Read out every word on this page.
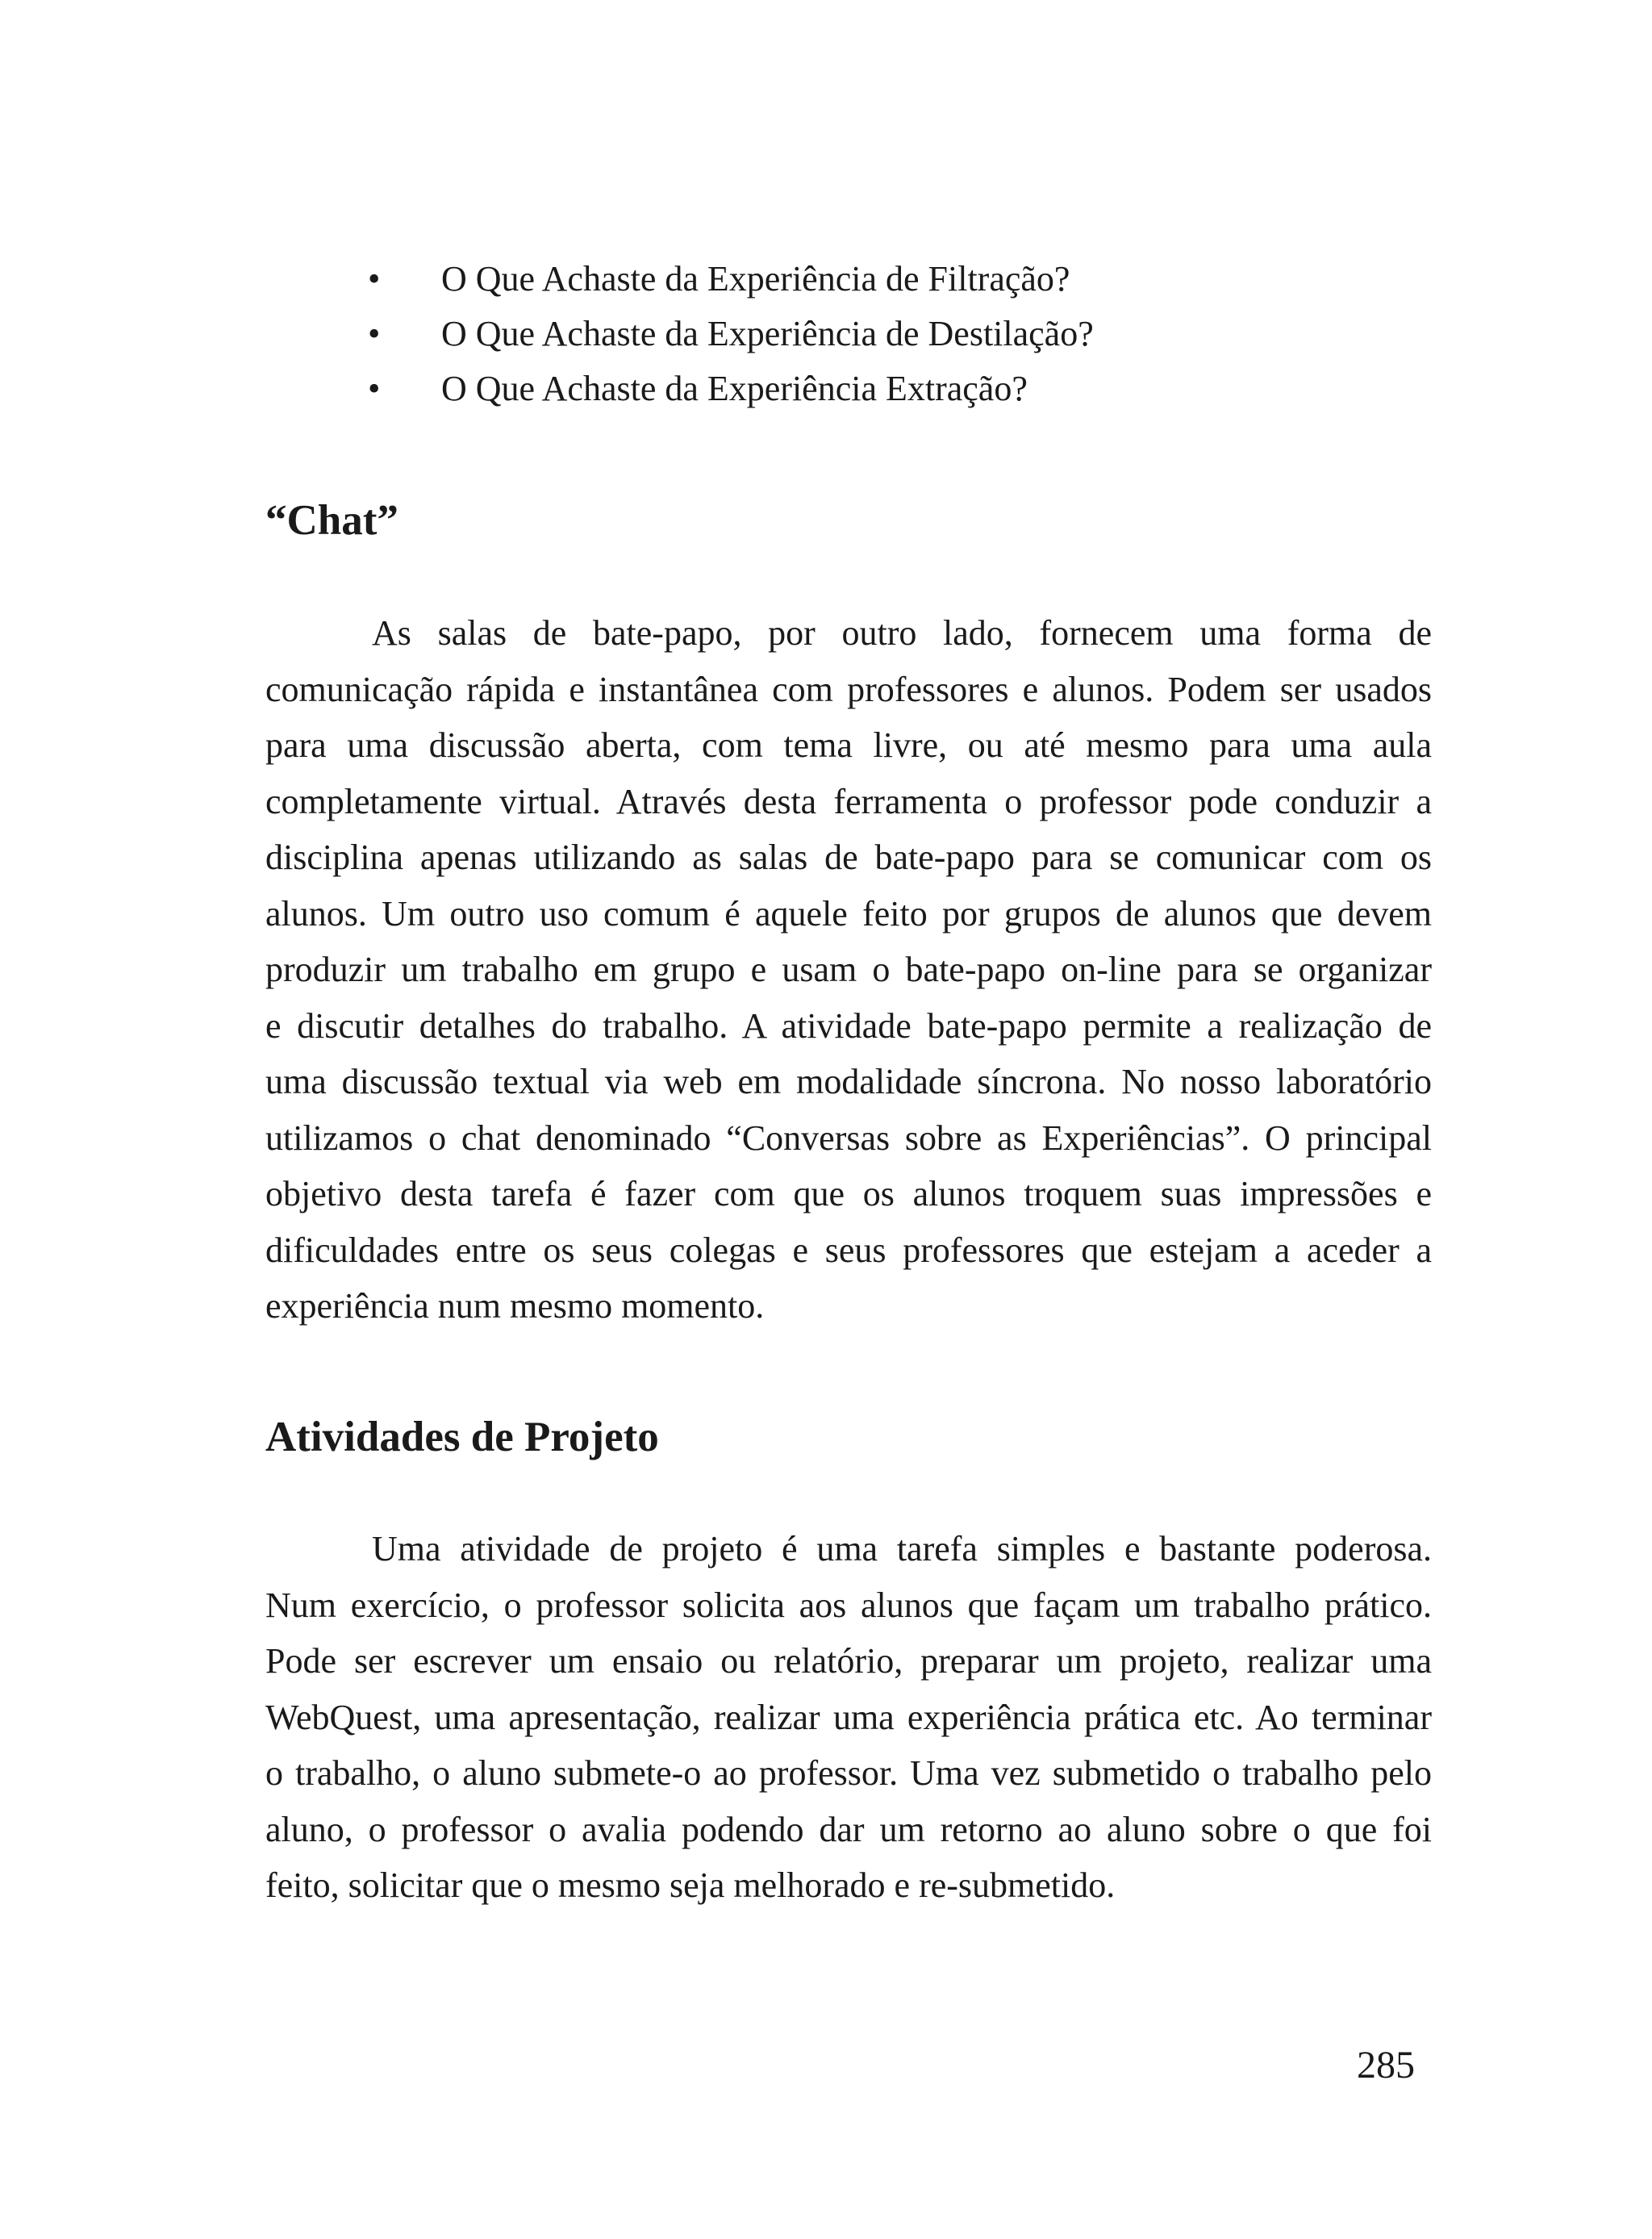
• O Que Achaste da Experiência de Filtração?
• O Que Achaste da Experiência de Destilação?
• O Que Achaste da Experiência Extração?
“Chat”
As salas de bate-papo, por outro lado, fornecem uma forma de
comunicação rápida e instantânea com professores e alunos. Podem ser usados
para uma discussão aberta, com tema livre, ou até mesmo para uma aula
completamente virtual. Através desta ferramenta o professor pode conduzir a
disciplina apenas utilizando as salas de bate-papo para se comunicar com os
alunos. Um outro uso comum é aquele feito por grupos de alunos que devem
produzir um trabalho em grupo e usam o bate-papo on-line para se organizar
e discutir detalhes do trabalho. A atividade bate-papo permite a realização de
uma discussão textual via web em modalidade síncrona. No nosso laboratório
utilizamos o chat denominado “Conversas sobre as Experiências”. O principal
objetivo desta tarefa é fazer com que os alunos troquem suas impressões e
dificuldades entre os seus colegas e seus professores que estejam a aceder a
experiência num mesmo momento.
Atividades de Projeto
Uma atividade de projeto é uma tarefa simples e bastante poderosa.
Num exercício, o professor solicita aos alunos que façam um trabalho prático.
Pode ser escrever um ensaio ou relatório, preparar um projeto, realizar uma
WebQuest, uma apresentação, realizar uma experiência prática etc. Ao terminar
o trabalho, o aluno submete-o ao professor. Uma vez submetido o trabalho pelo
aluno, o professor o avalia podendo dar um retorno ao aluno sobre o que foi
feito, solicitar que o mesmo seja melhorado e re-submetido.
285
